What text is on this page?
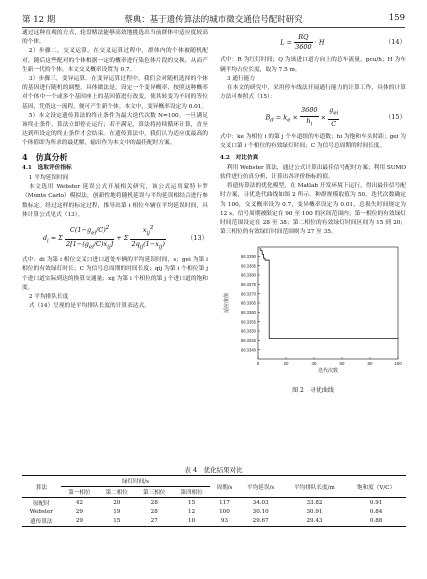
第 12 期	蔡典：基于遗传算法的城市微交通信号配时研究	159

通过这种直观的方式，轮盘赌法能够高效地挑选出当前群体中适应度较高的个体。

2）步骤二，交叉运算。在交叉运算过程中，群体内的个体被随机配对，随后这些配对的个体根据一定的概率进行染色体片段的交换，从而产生新一代的个体。本文交叉概率设置为 0.7。

3）步骤三，变异运算。在变异运算过程中，我们会对随机选择的个体的基因进行随机的调整，具体做法是，设定一个变异概率，按照这种概率对个体中一个或多个基因座上的基因值进行改变，使其转变为不同的等位基因，凭借这一流程，便可产生新个体。本文中，变异概率设定为 0.01。

5）本文设定遗传算法的终止条件为最大迭代次数 N=100。一旦满足该终止条件，算法立即停止运行；若不满足，算法将持续循环计算，直至达到所设定的终止条件才会结束。在遗传算法中，我们认为适应度最高的个体值即为所求的最优解，输出作为本文中的最佳配时方案。

4　仿真分析
4.1　选取评价指标

1 平均延误时间

本文选用 Webster 延误公式开展相关研究，该公式运用蒙特卡罗（Monte Carlo）模拟法，创新性地将随机延误与平均延误相结合进行参数标定。经过这样的标定过程，推导出第 i 相位车辆在平均延误时间，具体计算公式见式（13）。

$d_i = \Sigma \frac{C(1-g_{ei}/C)^2}{2[1-(g_{ei}/C)x_{ij}]} + \Sigma \frac{x_{ij}^2}{2q_{ij}(1-x_{ij})}$	（13）

式中：di 为第 i 相位交叉口进口道处车辆的平均延误时间，s；gei 为第 i 相位的有效绿灯时长；C 为信号总周期的时间长度；qij 为第 i 个相位第 j 个进口道实际到达的换算交通量；xij 为第 i 个相位的第 j 个进口道的饱和度。

2 平均排队长度

式（14）呈现的是平均排队长度的计算表达式。

$L = \frac{RQ}{3600} \cdot H$	（14）

式中：R 为红灯时间；Q 为该进口道方向上的总车流量，pcu/h；H 为车辆平均占位长度，取为 7.5 m。

3 通行能力

在本文的研究中，采用停车线法开展通行能力的计算工作，具体的计算方法可参照式（15）：

$B_d = k_e \times \frac{3600}{h_i} \times \frac{g_{ei}}{C}$	（15）

式中：ke 为相位 i 的第 j 个车道组的车道数；hi 为饱和车头时距；gei 为交叉口第 i 个相位的有效绿灯时间；C 为信号总周期的时间长度。

4.2　对比仿真

利用 Webster 算法，通过公式计算出最佳信号配时方案；利用 SUMO 软件进行仿真分析，计算出各评价指标的值。

将遗传算法的优化模型，在 Matlab 开发环境下运行，得出最佳信号配时方案，寻优迭代曲线如图 2 所示。种群规模取值为 50，迭代次数确定为 100，交叉概率设为 0.7，变异概率设定为 0.01，总损失时间规定为 12 s。信号周期被限定在 90 至 100 的区间范围内；第一相位的有效绿灯时间范围设定在 28 至 38；第二相位的有效绿灯时间区间为 15 到 20；第三相位的有效绿灯时间范围则为 27 至 35。

68.3390
68.3385
68.3380
68.3375
68.3370
68.3365
68.3360
68.3355
68.3350
68.3345
68.3340
0	20	40	60	80	100
迭代次数
适应度值
图 2　寻优曲线
表 4　优化结果对比
算法	绿灯时间/s				周期/s	平均延误/s	平均排队长度/m	饱和度（V/C）
	第一相位	第二相位	第三相位	第四相位				
原配时	42	20	28	15	117	34.03	33.82	0.91
Webster	29	19	28	12	100	30.10	30.91	0.84
遗传算法	29	15	27	10	93	29.67	29.43	0.88
